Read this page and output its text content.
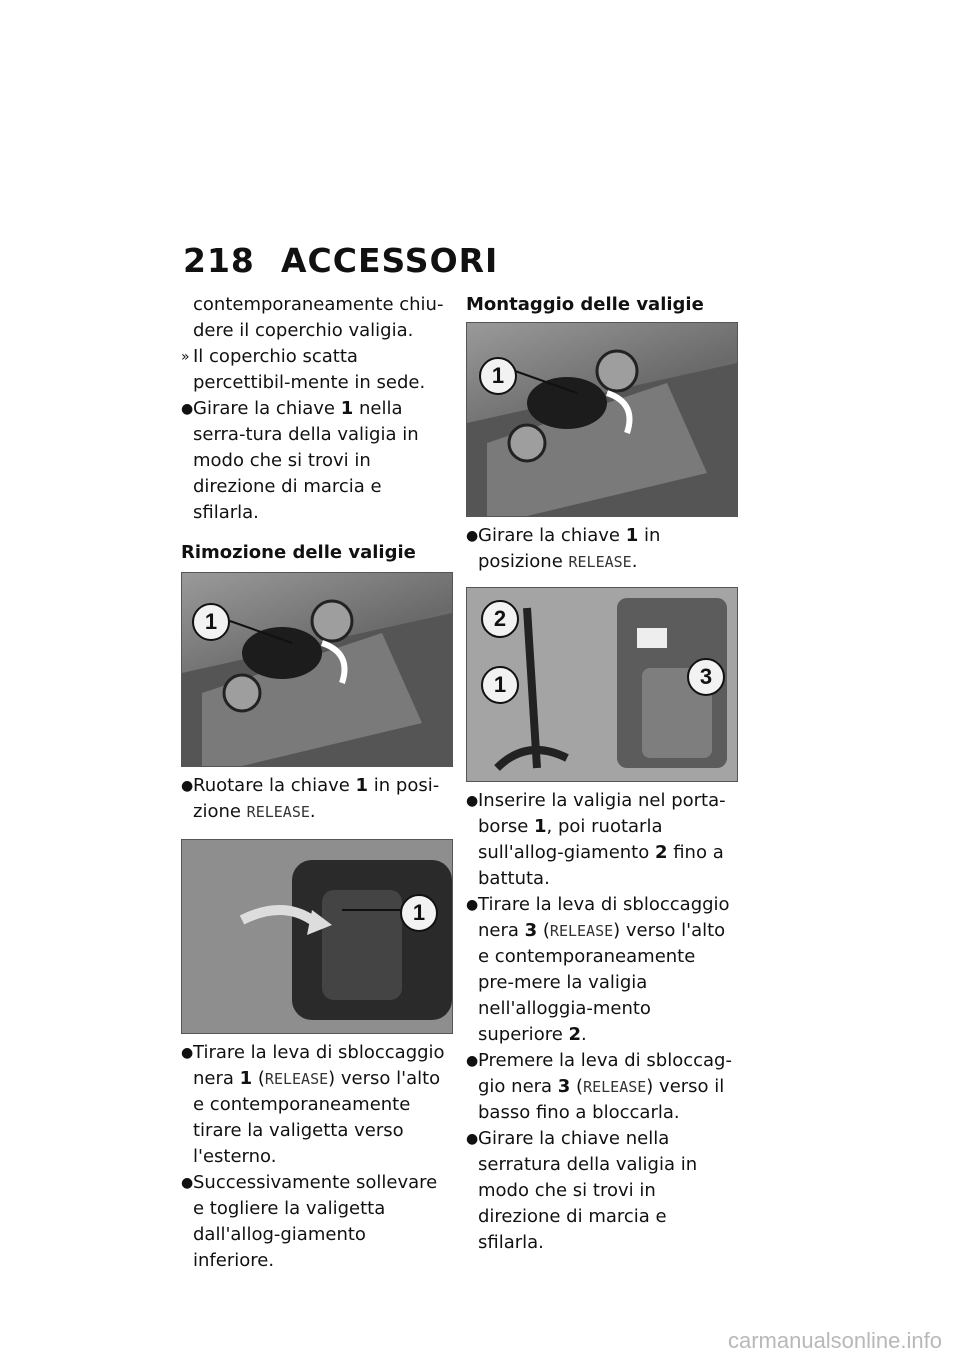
218 ACCESSORI

contemporaneamente chiu-dere il coperchio valigia.

» Il coperchio scatta percettibil-mente in sede.

● Girare la chiave 1 nella serra-tura della valigia in modo che si trovi in direzione di marcia e sfilarla.

Rimozione delle valigie

1

● Ruotare la chiave 1 in posi-zione RELEASE.

1

● Tirare la leva di sbloccaggio nera 1 (RELEASE) verso l'alto e contemporaneamente tirare la valigetta verso l'esterno.

● Successivamente sollevare e togliere la valigetta dall'allog-giamento inferiore.

Montaggio delle valigie

1

● Girare la chiave 1 in posizione RELEASE.

2
1	3

● Inserire la valigia nel porta-borse 1, poi ruotarla sull'allog-giamento 2 fino a battuta.

● Tirare la leva di sbloccaggio nera 3 (RELEASE) verso l'alto e contemporaneamente pre-mere la valigia nell'alloggia-mento superiore 2.

● Premere la leva di sbloccag-gio nera 3 (RELEASE) verso il basso fino a bloccarla.

● Girare la chiave nella serratura della valigia in modo che si trovi in direzione di marcia e sfilarla.

carmanualsonline.info
